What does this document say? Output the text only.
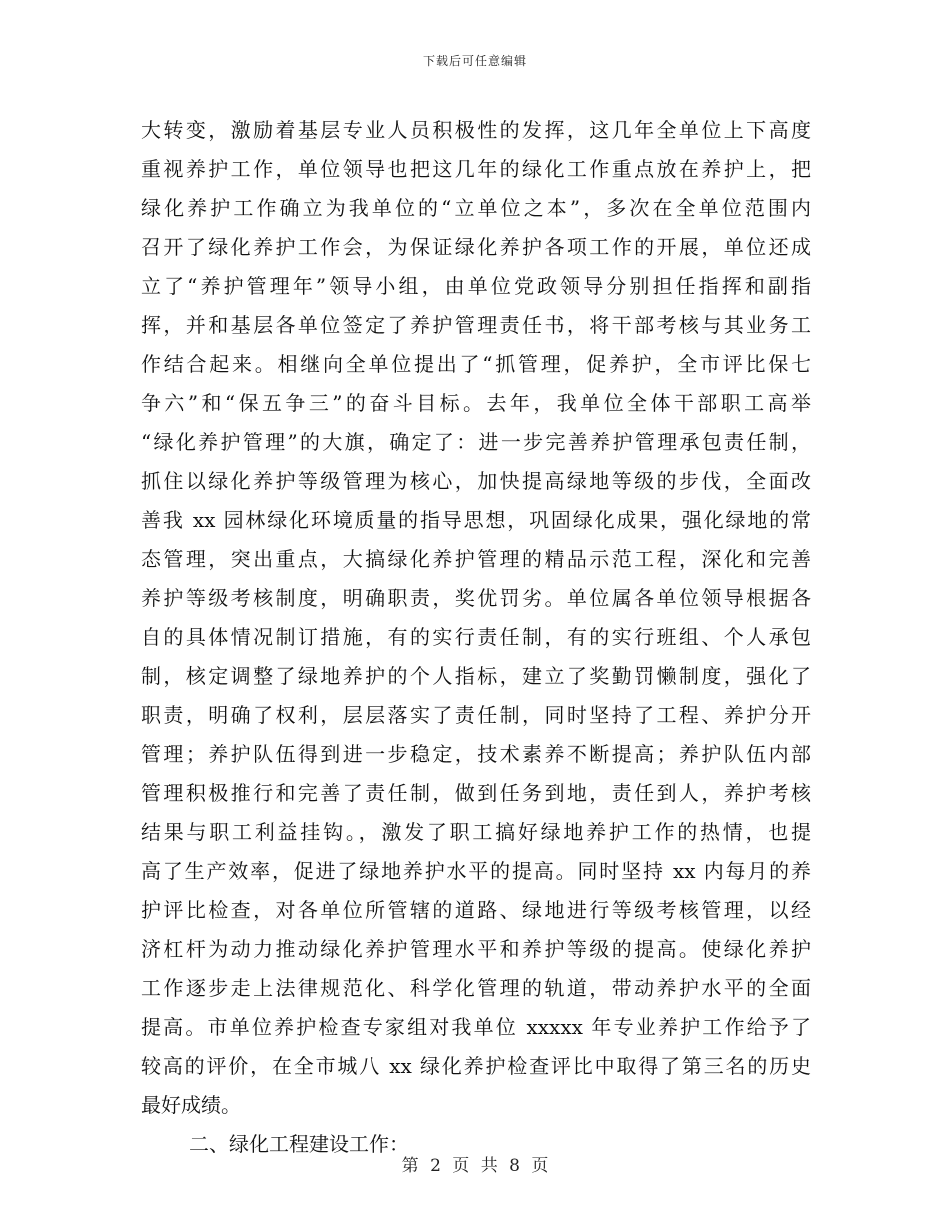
下载后可任意编辑
大转变，激励着基层专业人员积极性的发挥，这几年全单位上下高度
重视养护工作，单位领导也把这几年的绿化工作重点放在养护上，把
绿化养护工作确立为我单位的“立单位之本”，多次在全单位范围内
召开了绿化养护工作会，为保证绿化养护各项工作的开展，单位还成
立了“养护管理年”领导小组，由单位党政领导分别担任指挥和副指
挥，并和基层各单位签定了养护管理责任书，将干部考核与其业务工
作结合起来。相继向全单位提出了“抓管理，促养护，全市评比保七
争六”和“保五争三”的奋斗目标。去年，我单位全体干部职工高举
“绿化养护管理”的大旗，确定了：进一步完善养护管理承包责任制，
抓住以绿化养护等级管理为核心，加快提高绿地等级的步伐，全面改
善我 xx 园林绿化环境质量的指导思想，巩固绿化成果，强化绿地的常
态管理，突出重点，大搞绿化养护管理的精品示范工程，深化和完善
养护等级考核制度，明确职责，奖优罚劣。单位属各单位领导根据各
自的具体情况制订措施，有的实行责任制，有的实行班组、个人承包
制，核定调整了绿地养护的个人指标，建立了奖勤罚懒制度，强化了
职责，明确了权利，层层落实了责任制，同时坚持了工程、养护分开
管理；养护队伍得到进一步稳定，技术素养不断提高；养护队伍内部
管理积极推行和完善了责任制，做到任务到地，责任到人，养护考核
结果与职工利益挂钩。，激发了职工搞好绿地养护工作的热情，也提
高了生产效率，促进了绿地养护水平的提高。同时坚持 xx 内每月的养
护评比检查，对各单位所管辖的道路、绿地进行等级考核管理，以经
济杠杆为动力推动绿化养护管理水平和养护等级的提高。使绿化养护
工作逐步走上法律规范化、科学化管理的轨道，带动养护水平的全面
提高。市单位养护检查专家组对我单位 xxxxx 年专业养护工作给予了
较高的评价，在全市城八 xx 绿化养护检查评比中取得了第三名的历史
最好成绩。
二、绿化工程建设工作：
第 2 页 共 8 页
